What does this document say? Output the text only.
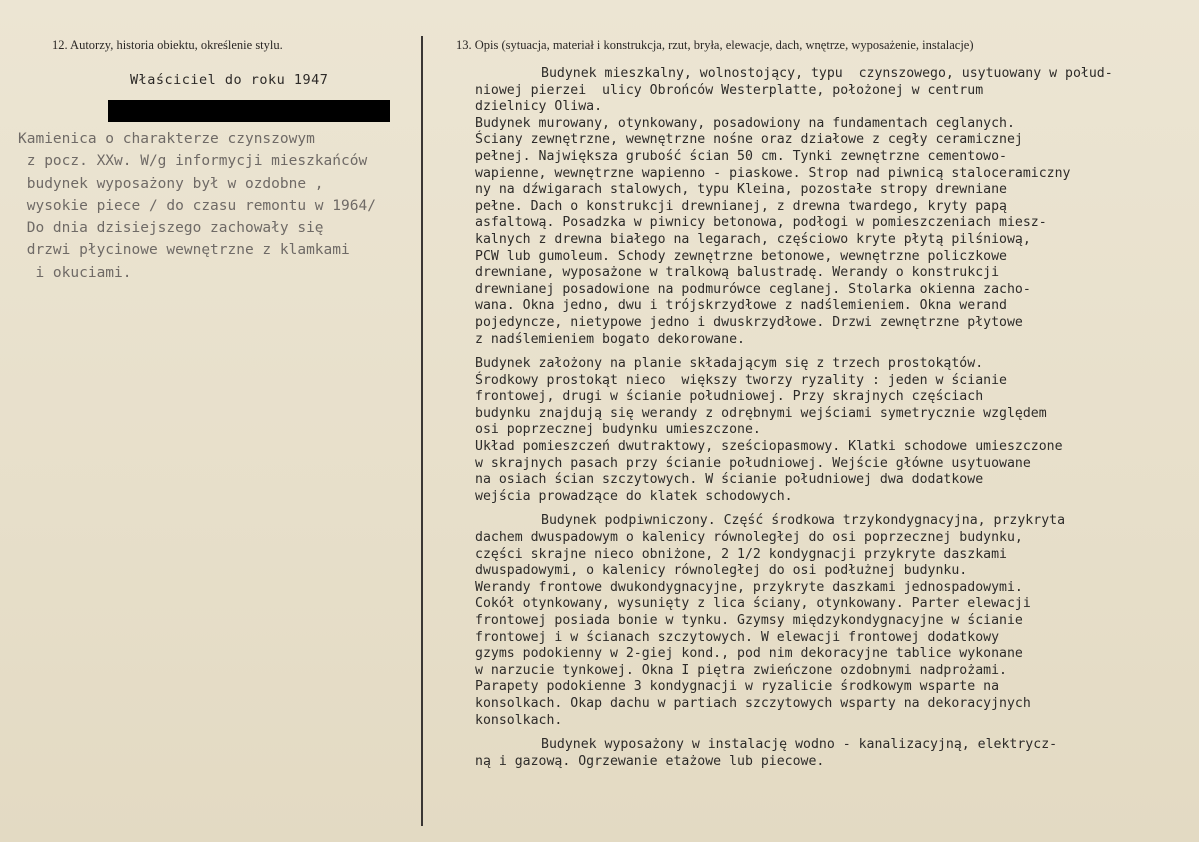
12. Autorzy, historia obiektu, określenie stylu.	13. Opis (sytuacja, materiał i konstrukcja, rzut, bryła, elewacje, dach, wnętrze, wyposażenie, instalacje)
Właściciel do roku 1947
Kamienica o charakterze czynszowym
z pocz. XXw. W/g informycji mieszkańców
budynek wyposażony był w ozdobne ,
wysokie piece / do czasu remontu w 1964/
Do dnia dzisiejszego zachowały się
drzwi płycinowe wewnętrzne z klamkami
i okuciami.
Budynek mieszkalny, wolnostojący, typu  czynszowego, usytuowany w połud-
niowej pierzei  ulicy Obrońców Westerplatte, położonej w centrum
dzielnicy Oliwa.
Budynek murowany, otynkowany, posadowiony na fundamentach ceglanych.
Ściany zewnętrzne, wewnętrzne nośne oraz działowe z cegły ceramicznej
pełnej. Największa grubość ścian 50 cm. Tynki zewnętrzne cementowo-
wapienne, wewnętrzne wapienno - piaskowe. Strop nad piwnicą staloceramiczny
ny na dźwigarach stalowych, typu Kleina, pozostałe stropy drewniane
pełne. Dach o konstrukcji drewnianej, z drewna twardego, kryty papą
asfaltową. Posadzka w piwnicy betonowa, podłogi w pomieszczeniach miesz-
kalnych z drewna białego na legarach, częściowo kryte płytą pilśniową,
PCW lub gumoleum. Schody zewnętrzne betonowe, wewnętrzne policzkowe
drewniane, wyposażone w tralkową balustradę. Werandy o konstrukcji
drewnianej posadowione na podmurówce ceglanej. Stolarka okienna zacho-
wana. Okna jedno, dwu i trójskrzydłowe z nadślemieniem. Okna werand
pojedyncze, nietypowe jedno i dwuskrzydłowe. Drzwi zewnętrzne płytowe
z nadślemieniem bogato dekorowane.
Budynek założony na planie składającym się z trzech prostokątów.
Środkowy prostokąt nieco  większy tworzy ryzality : jeden w ścianie
frontowej, drugi w ścianie południowej. Przy skrajnych częściach
budynku znajdują się werandy z odrębnymi wejściami symetrycznie względem
osi poprzecznej budynku umieszczone.
Układ pomieszczeń dwutraktowy, sześciopasmowy. Klatki schodowe umieszczone
w skrajnych pasach przy ścianie południowej. Wejście główne usytuowane
na osiach ścian szczytowych. W ścianie południowej dwa dodatkowe
wejścia prowadzące do klatek schodowych.
Budynek podpiwniczony. Część środkowa trzykondygnacyjna, przykryta
dachem dwuspadowym o kalenicy równoległej do osi poprzecznej budynku,
części skrajne nieco obniżone, 2 1/2 kondygnacji przykryte daszkami
dwuspadowymi, o kalenicy równoległej do osi podłużnej budynku.
Werandy frontowe dwukondygnacyjne, przykryte daszkami jednospadowymi.
Cokół otynkowany, wysunięty z lica ściany, otynkowany. Parter elewacji
frontowej posiada bonie w tynku. Gzymsy międzykondygnacyjne w ścianie
frontowej i w ścianach szczytowych. W elewacji frontowej dodatkowy
gzyms podokienny w 2-giej kond., pod nim dekoracyjne tablice wykonane
w narzucie tynkowej. Okna I piętra zwieńczone ozdobnymi nadprożami.
Parapety podokienne 3 kondygnacji w ryzalicie środkowym wsparte na
konsolkach. Okap dachu w partiach szczytowych wsparty na dekoracyjnych
konsolkach.
Budynek wyposażony w instalację wodno - kanalizacyjną, elektrycz-
ną i gazową. Ogrzewanie etażowe lub piecowe.
